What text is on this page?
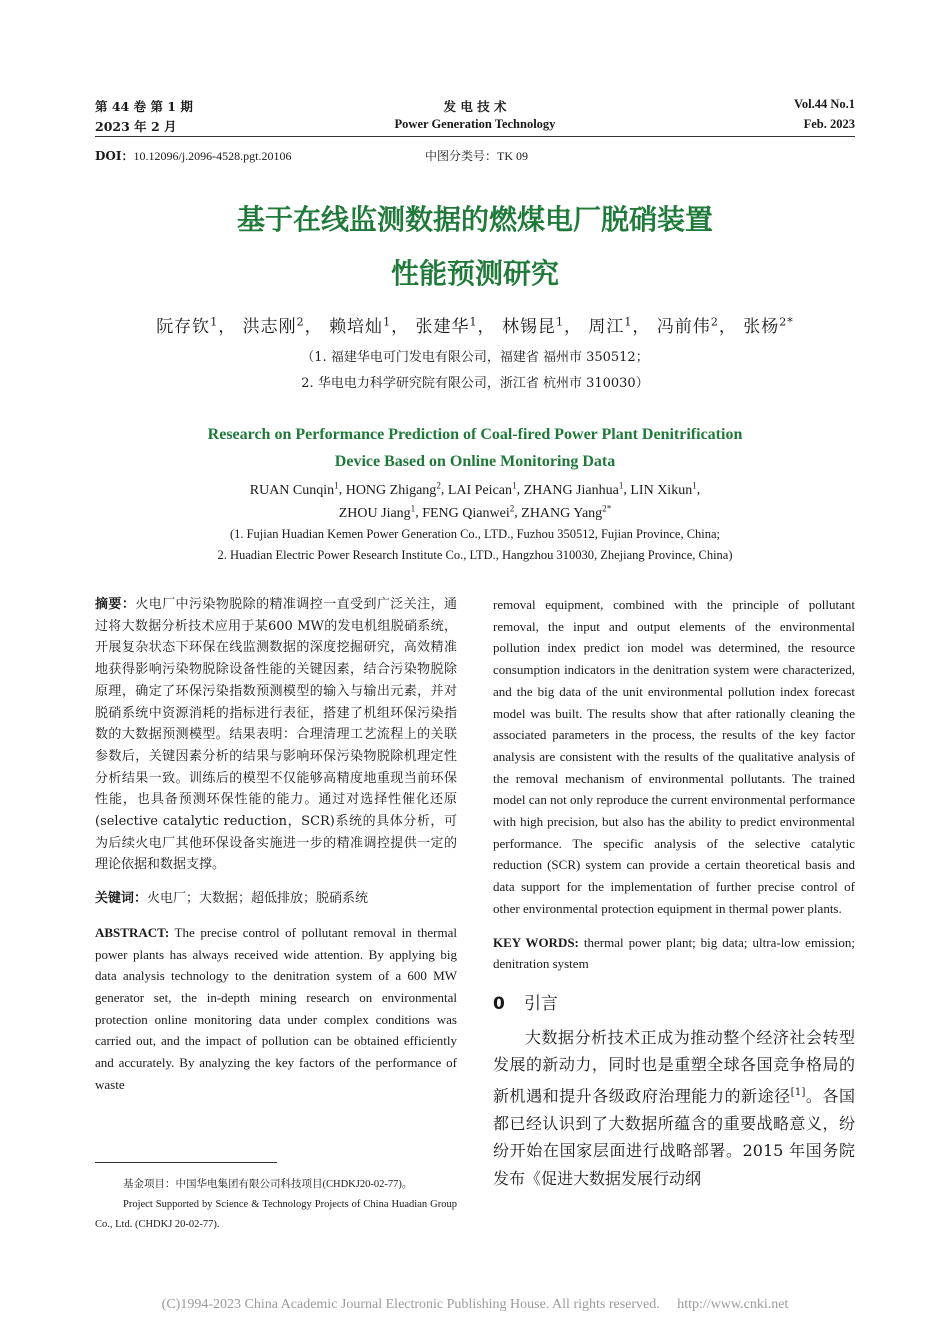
第 44 卷 第 1 期
2023 年 2 月
发 电 技 术
Power Generation Technology
Vol.44 No.1
Feb. 2023
DOI：10.12096/j.2096-4528.pgt.20106	中图分类号：TK 09
基于在线监测数据的燃煤电厂脱硝装置
性能预测研究
阮存钦$^1$， 洪志刚$^2$， 赖培灿$^1$， 张建华$^1$， 林锡昆$^1$， 周江$^1$， 冯前伟$^2$， 张杨$^{2*}$
（1. 福建华电可门发电有限公司，福建省 福州市 350512；
2. 华电电力科学研究院有限公司，浙江省 杭州市 310030）
Research on Performance Prediction of Coal-fired Power Plant Denitrification
Device Based on Online Monitoring Data
RUAN Cunqin$^1$, HONG Zhigang$^2$, LAI Peican$^1$, ZHANG Jianhua$^1$, LIN Xikun$^1$,
ZHOU Jiang$^1$, FENG Qianwei$^2$, ZHANG Yang$^{2*}$
(1. Fujian Huadian Kemen Power Generation Co., LTD., Fuzhou 350512, Fujian Province, China;
2. Huadian Electric Power Research Institute Co., LTD., Hangzhou 310030, Zhejiang Province, China)

摘要：火电厂中污染物脱除的精准调控一直受到广泛关注，通过将大数据分析技术应用于某600 MW的发电机组脱硝系统，开展复杂状态下环保在线监测数据的深度挖掘研究，高效精准地获得影响污染物脱除设备性能的关键因素，结合污染物脱除原理，确定了环保污染指数预测模型的输入与输出元素，并对脱硝系统中资源消耗的指标进行表征，搭建了机组环保污染指数的大数据预测模型。结果表明：合理清理工艺流程上的关联参数后，关键因素分析的结果与影响环保污染物脱除机理定性分析结果一致。训练后的模型不仅能够高精度地重现当前环保性能，也具备预测环保性能的能力。通过对选择性催化还原(selective catalytic reduction，SCR)系统的具体分析，可为后续火电厂其他环保设备实施进一步的精准调控提供一定的理论依据和数据支撑。

关键词：火电厂；大数据；超低排放；脱硝系统

ABSTRACT: The precise control of pollutant removal in thermal power plants has always received wide attention. By applying big data analysis technology to the denitration system of a 600 MW generator set, the in-depth mining research on environmental protection online monitoring data under complex conditions was carried out, and the impact of pollution can be obtained efficiently and accurately. By analyzing the key factors of the performance of waste

基金项目：中国华电集团有限公司科技项目(CHDKJ20-02-77)。
Project Supported by Science & Technology Projects of China Huadian Group Co., Ltd. (CHDKJ 20-02-77).

removal equipment, combined with the principle of pollutant removal, the input and output elements of the environmental pollution index predict ion model was determined, the resource consumption indicators in the denitration system were characterized, and the big data of the unit environmental pollution index forecast model was built. The results show that after rationally cleaning the associated parameters in the process, the results of the key factor analysis are consistent with the results of the qualitative analysis of the removal mechanism of environmental pollutants. The trained model can not only reproduce the current environmental performance with high precision, but also has the ability to predict environmental performance. The specific analysis of the selective catalytic reduction (SCR) system can provide a certain theoretical basis and data support for the implementation of further precise control of other environmental protection equipment in thermal power plants.

KEY WORDS: thermal power plant; big data; ultra-low emission; denitration system

0 引言

大数据分析技术正成为推动整个经济社会转型发展的新动力，同时也是重塑全球各国竞争格局的新机遇和提升各级政府治理能力的新途径[1]。各国都已经认识到了大数据所蕴含的重要战略意义，纷纷开始在国家层面进行战略部署。2015 年国务院发布《促进大数据发展行动纲

(C)1994-2023 China Academic Journal Electronic Publishing House. All rights reserved. http://www.cnki.net
